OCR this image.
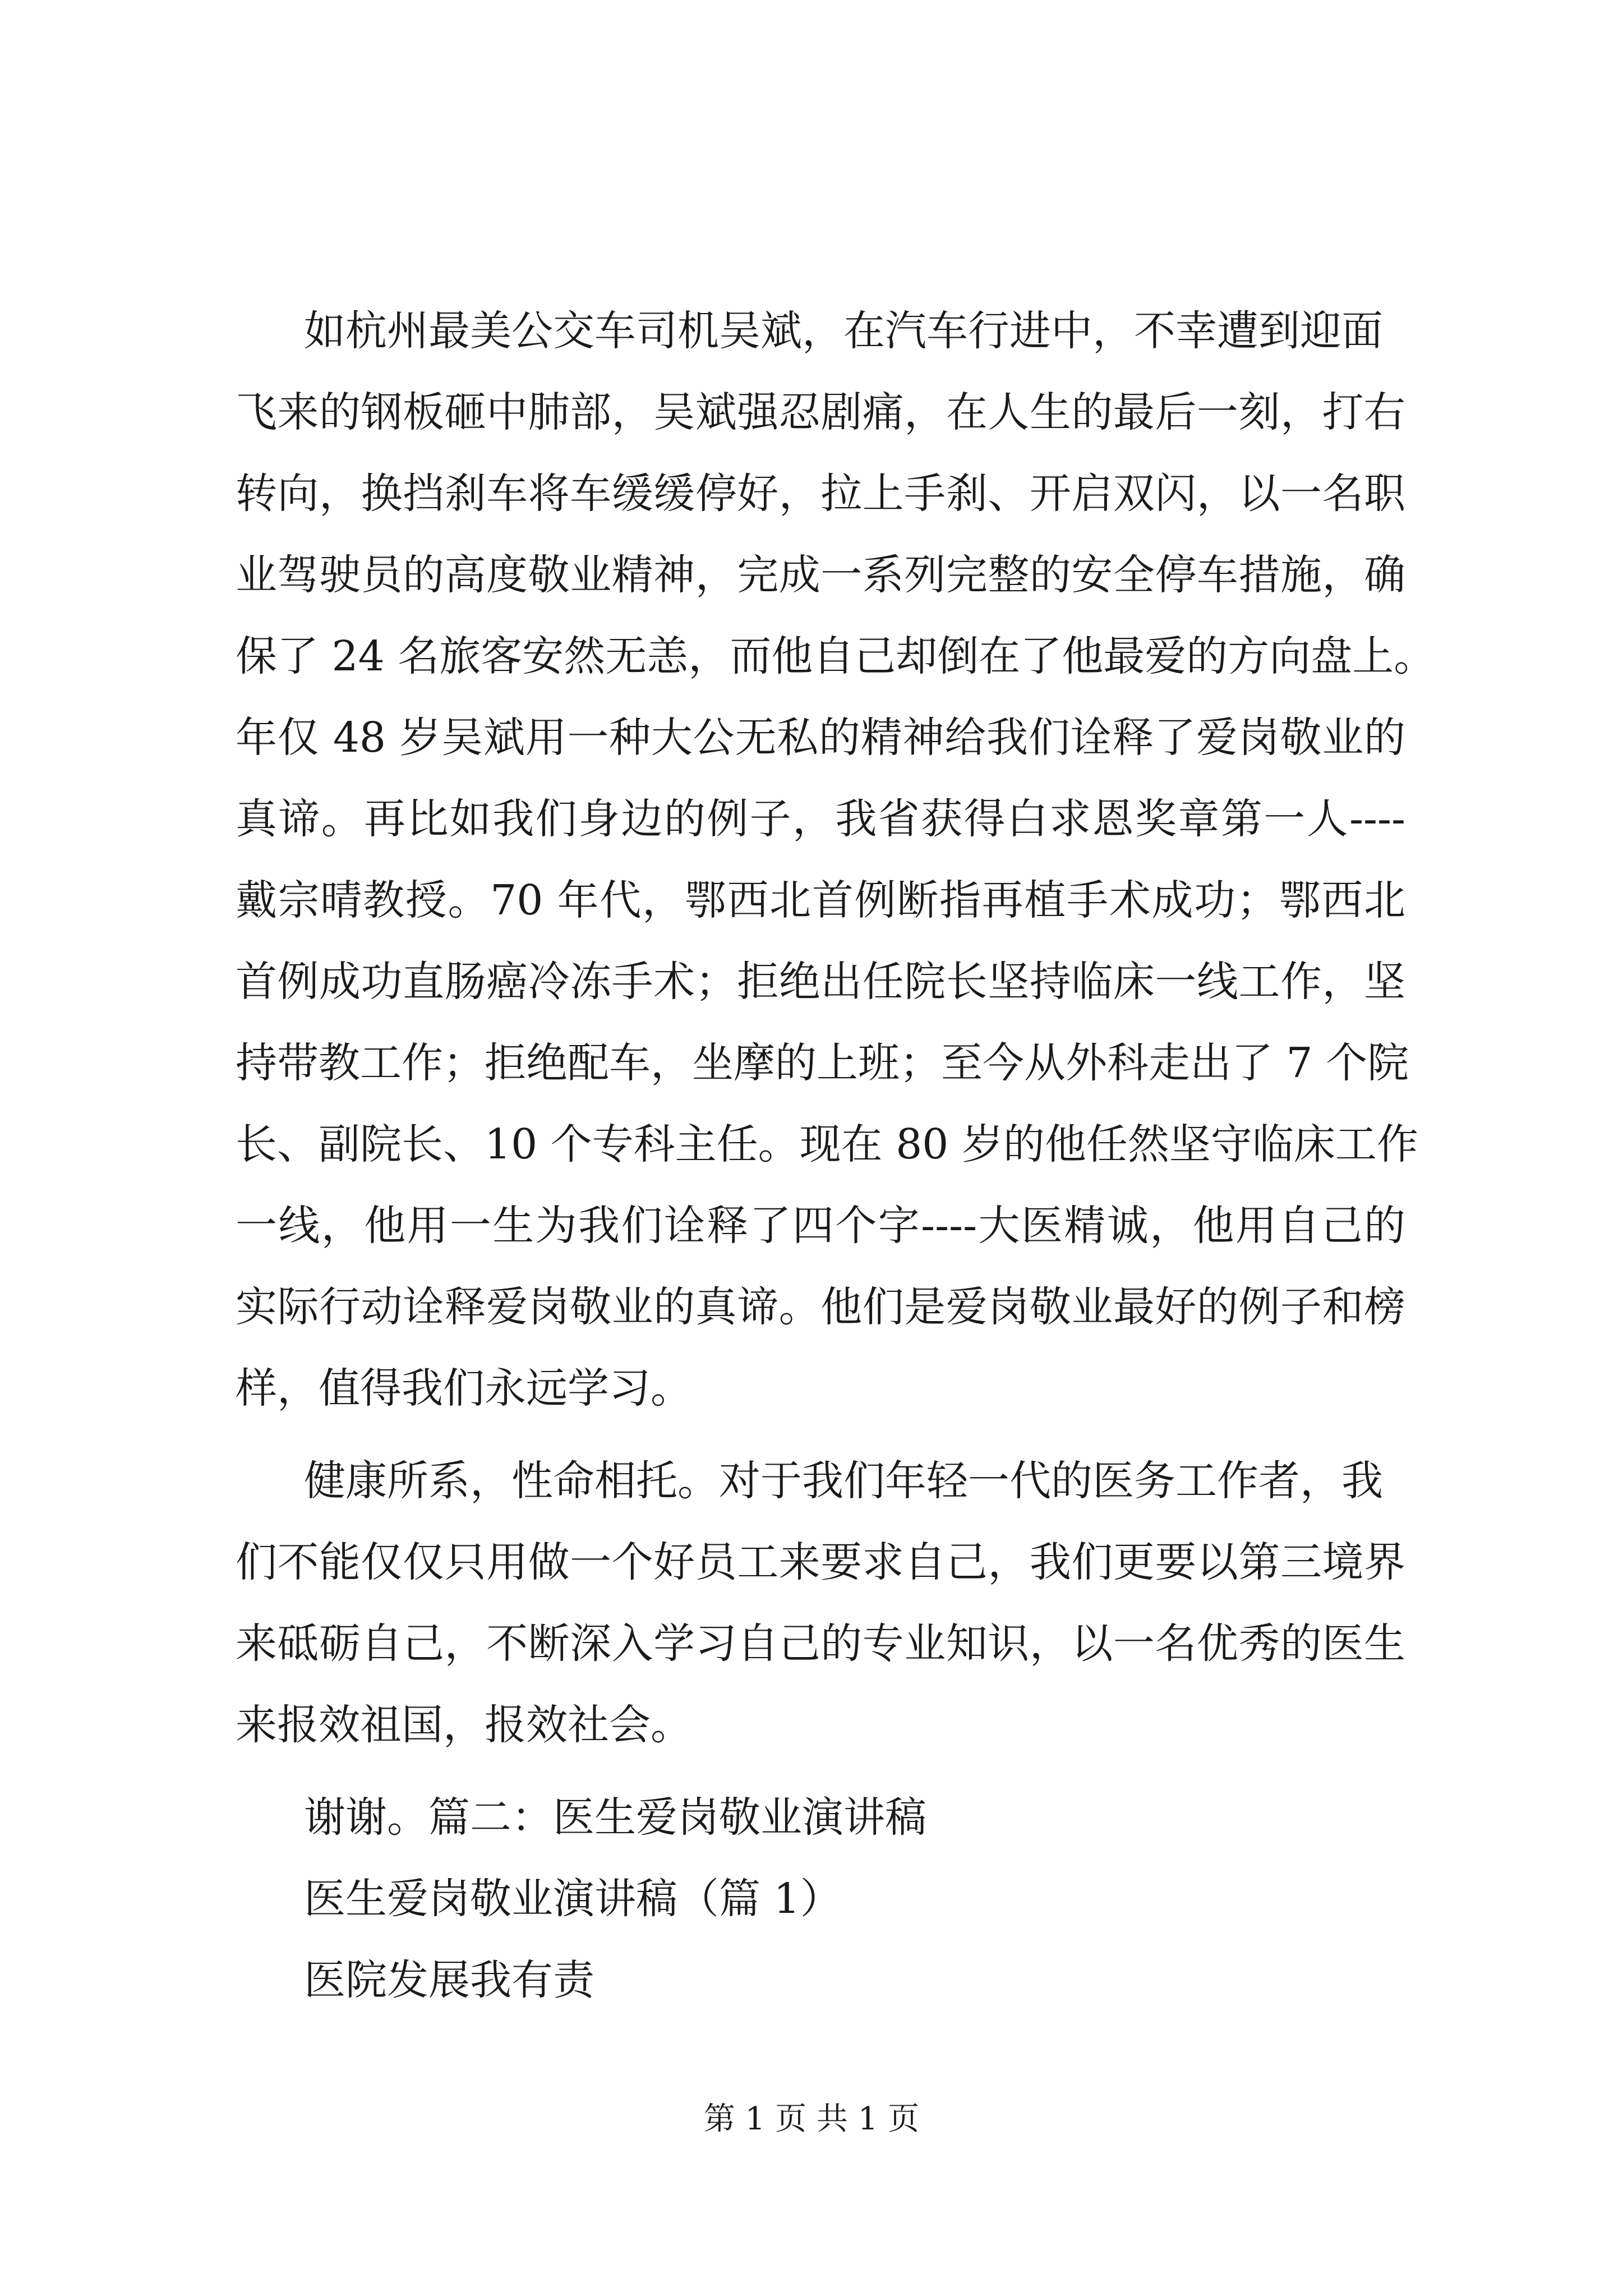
如杭州最美公交车司机吴斌，在汽车行进中，不幸遭到迎面

飞来的钢板砸中肺部，吴斌强忍剧痛，在人生的最后一刻，打右

转向，换挡刹车将车缓缓停好，拉上手刹、开启双闪，以一名职

业驾驶员的高度敬业精神，完成一系列完整的安全停车措施，确

保了 24 名旅客安然无恙，而他自己却倒在了他最爱的方向盘上。

年仅 48 岁吴斌用一种大公无私的精神给我们诠释了爱岗敬业的

真谛。再比如我们身边的例子，我省获得白求恩奖章第一人----

戴宗晴教授。70 年代，鄂西北首例断指再植手术成功；鄂西北

首例成功直肠癌冷冻手术；拒绝出任院长坚持临床一线工作，坚

持带教工作；拒绝配车，坐摩的上班；至今从外科走出了 7 个院

长、副院长、10 个专科主任。现在 80 岁的他任然坚守临床工作

一线，他用一生为我们诠释了四个字----大医精诚，他用自己的

实际行动诠释爱岗敬业的真谛。他们是爱岗敬业最好的例子和榜

样，值得我们永远学习。

健康所系，性命相托。对于我们年轻一代的医务工作者，我

们不能仅仅只用做一个好员工来要求自己，我们更要以第三境界

来砥砺自己，不断深入学习自己的专业知识，以一名优秀的医生

来报效祖国，报效社会。

谢谢。篇二：医生爱岗敬业演讲稿

医生爱岗敬业演讲稿（篇 1）

医院发展我有责

第 1 页 共 1 页
